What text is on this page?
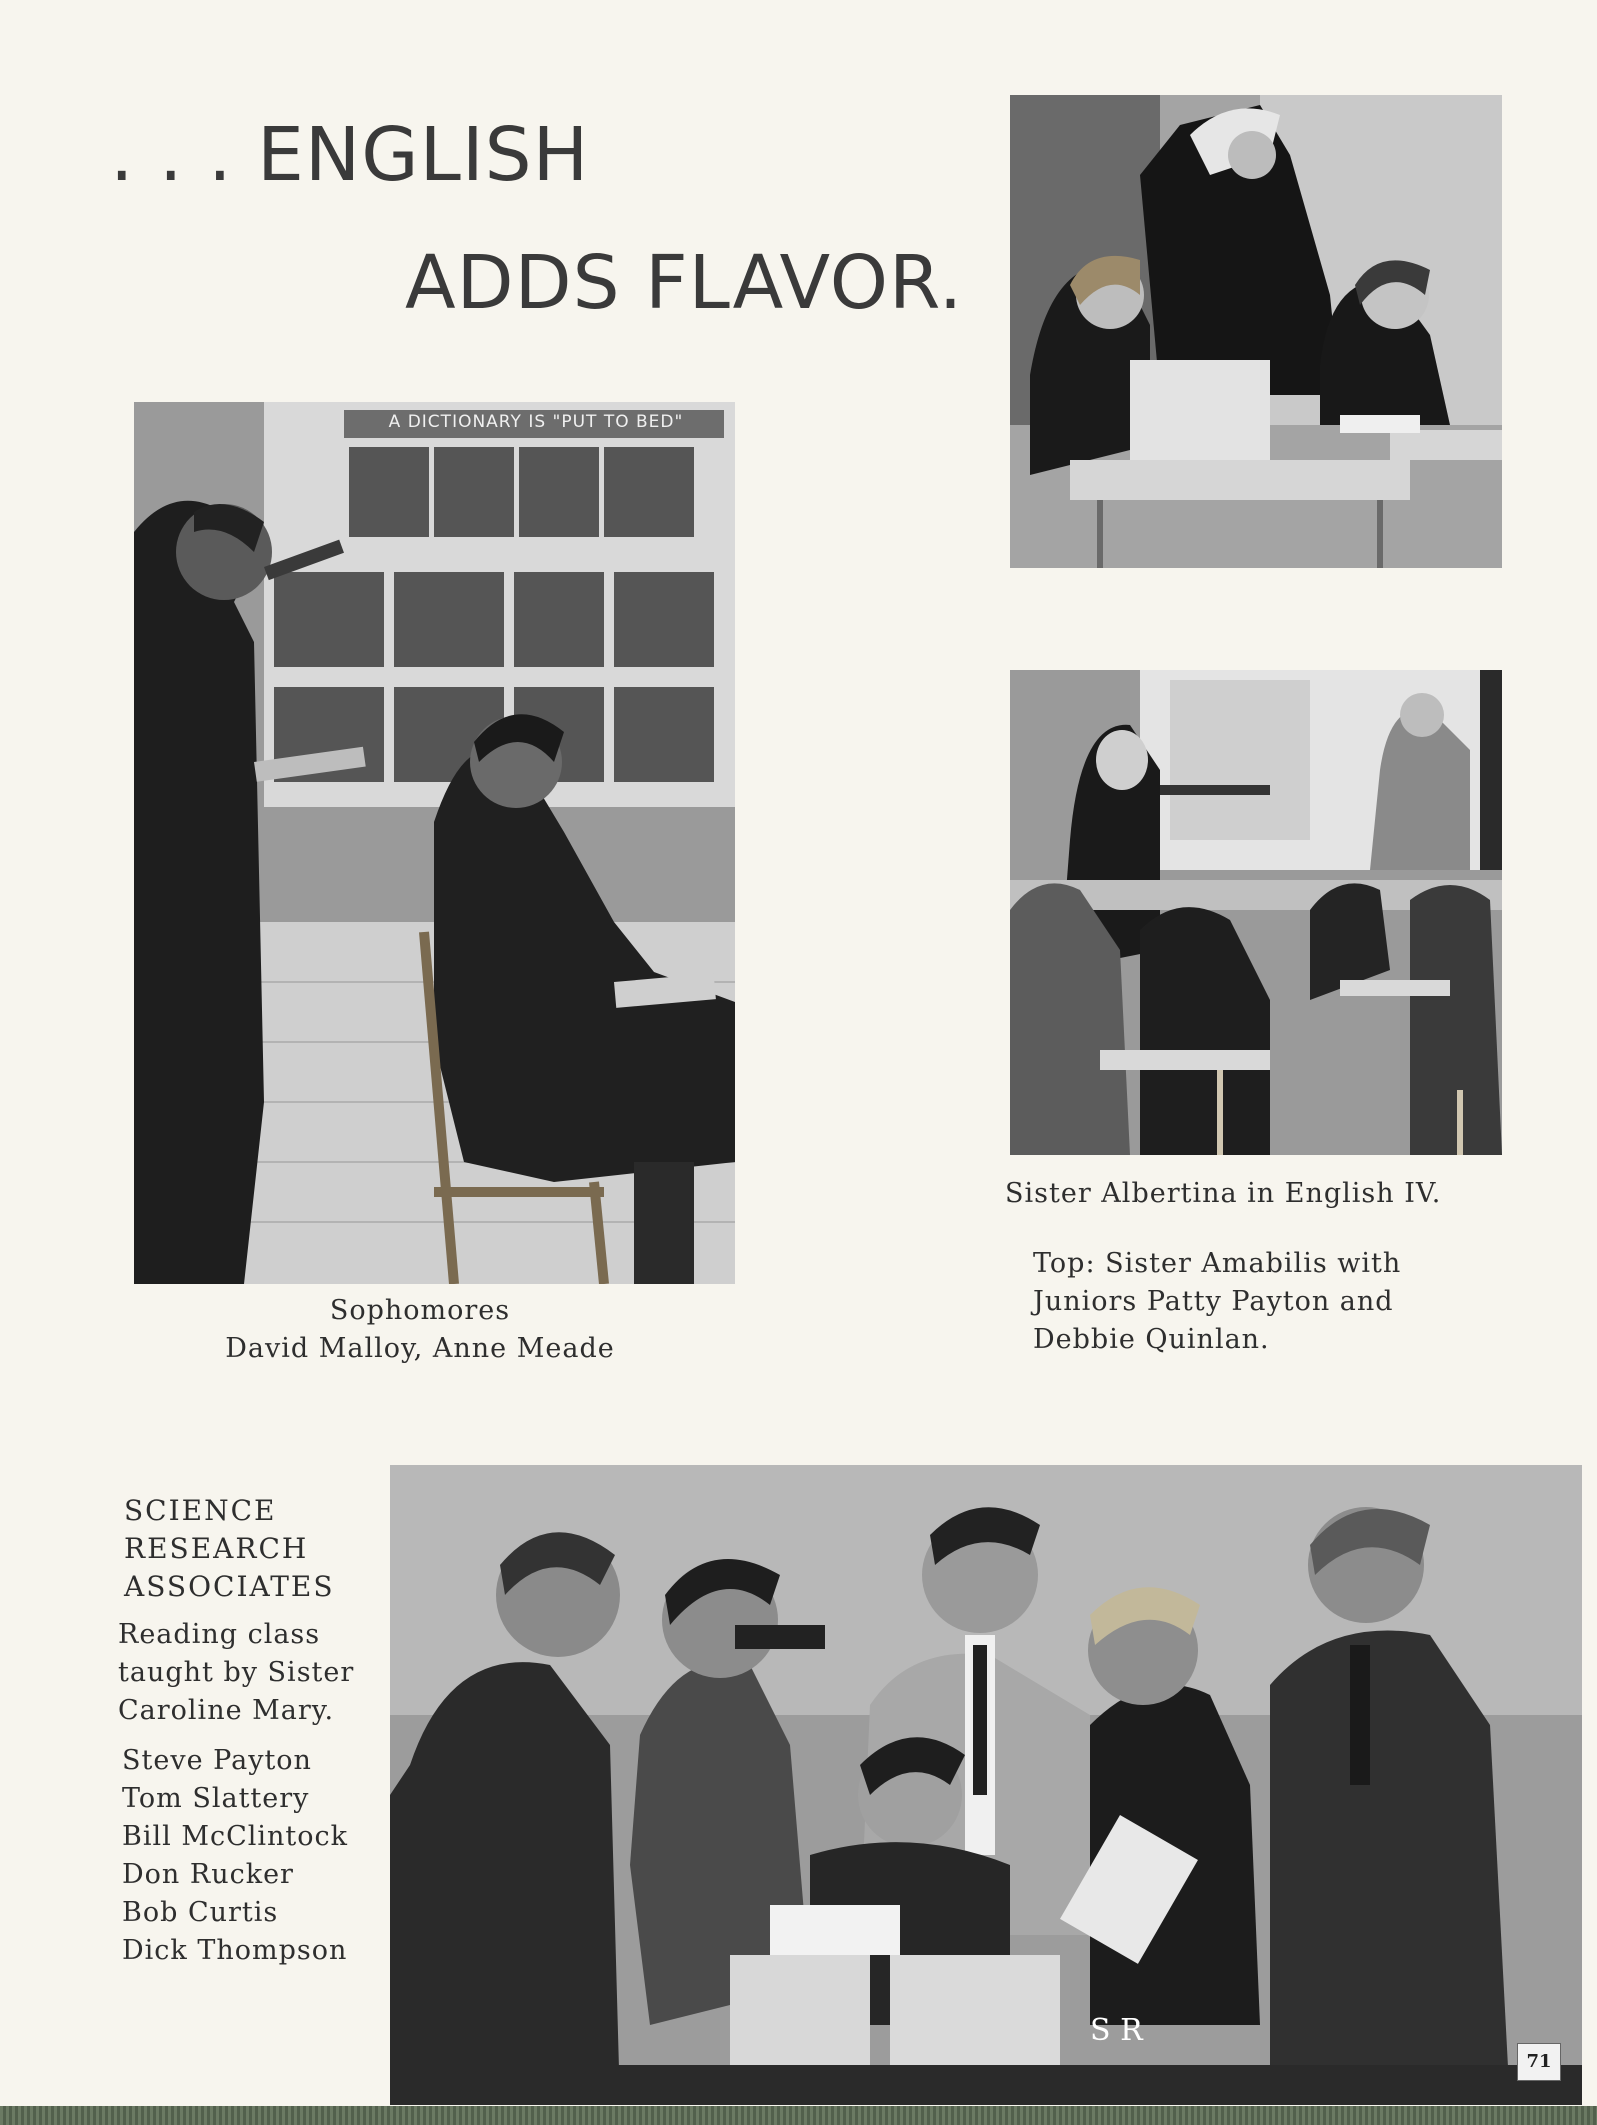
. . . ENGLISH
ADDS FLAVOR.
S R
Sophomores
David Malloy, Anne Meade
Sister Albertina in English IV.
Top: Sister Amabilis with
Juniors Patty Payton and
Debbie Quinlan.
SCIENCE
RESEARCH
ASSOCIATES
Reading class
taught by Sister
Caroline Mary.
Steve Payton
Tom Slattery
Bill McClintock
Don Rucker
Bob Curtis
Dick Thompson
71
A DICTIONARY IS "PUT TO BED"
